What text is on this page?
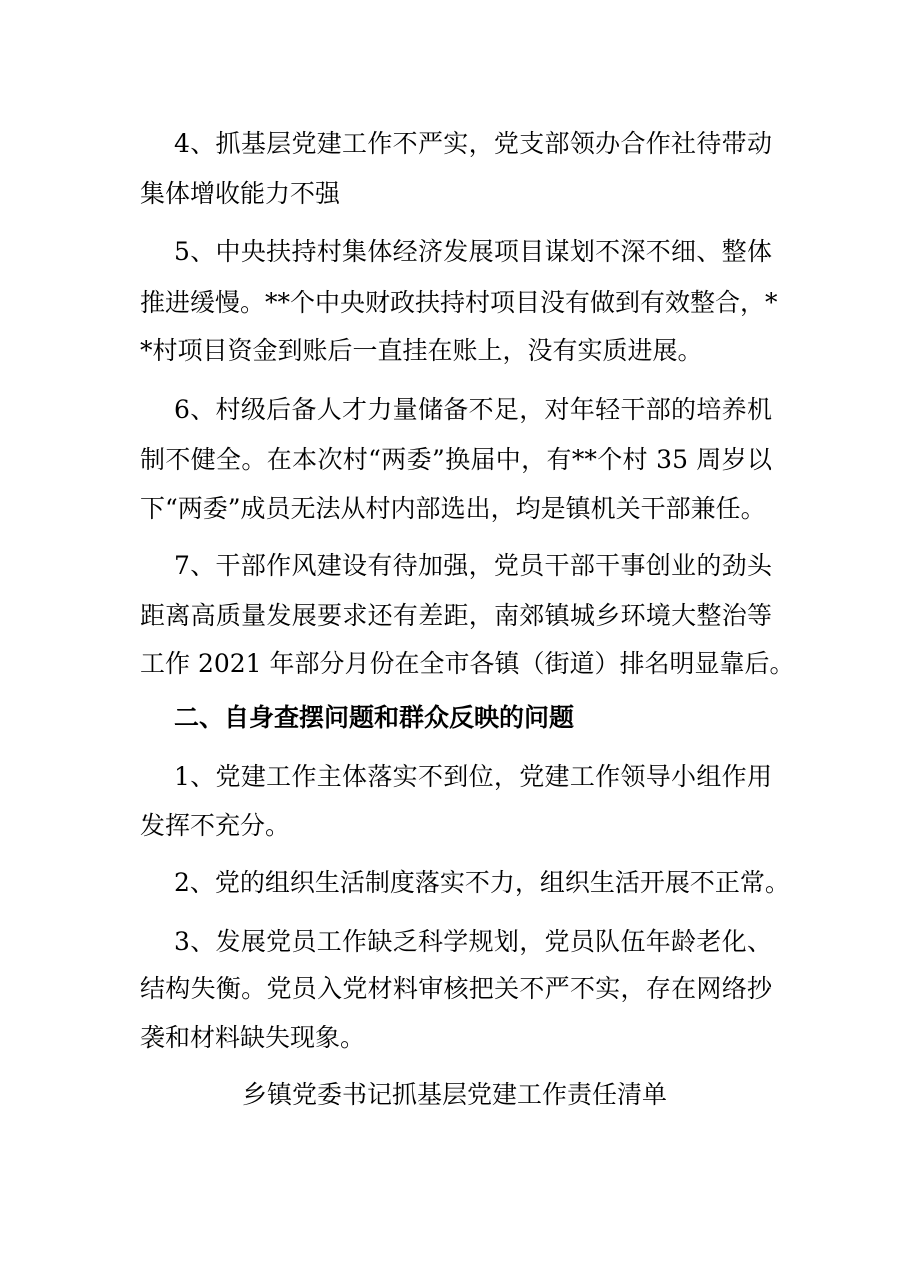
4、抓基层党建工作不严实，党支部领办合作社待带动
集体增收能力不强
5、中央扶持村集体经济发展项目谋划不深不细、整体
推进缓慢。**个中央财政扶持村项目没有做到有效整合，*
*村项目资金到账后一直挂在账上，没有实质进展。
6、村级后备人才力量储备不足，对年轻干部的培养机
制不健全。在本次村“两委”换届中，有**个村 35 周岁以
下“两委”成员无法从村内部选出，均是镇机关干部兼任。
7、干部作风建设有待加强，党员干部干事创业的劲头
距离高质量发展要求还有差距，南郊镇城乡环境大整治等
工作 2021 年部分月份在全市各镇（街道）排名明显靠后。
二、自身查摆问题和群众反映的问题
1、党建工作主体落实不到位，党建工作领导小组作用
发挥不充分。
2、党的组织生活制度落实不力，组织生活开展不正常。
3、发展党员工作缺乏科学规划，党员队伍年龄老化、
结构失衡。党员入党材料审核把关不严不实，存在网络抄
袭和材料缺失现象。
乡镇党委书记抓基层党建工作责任清单
